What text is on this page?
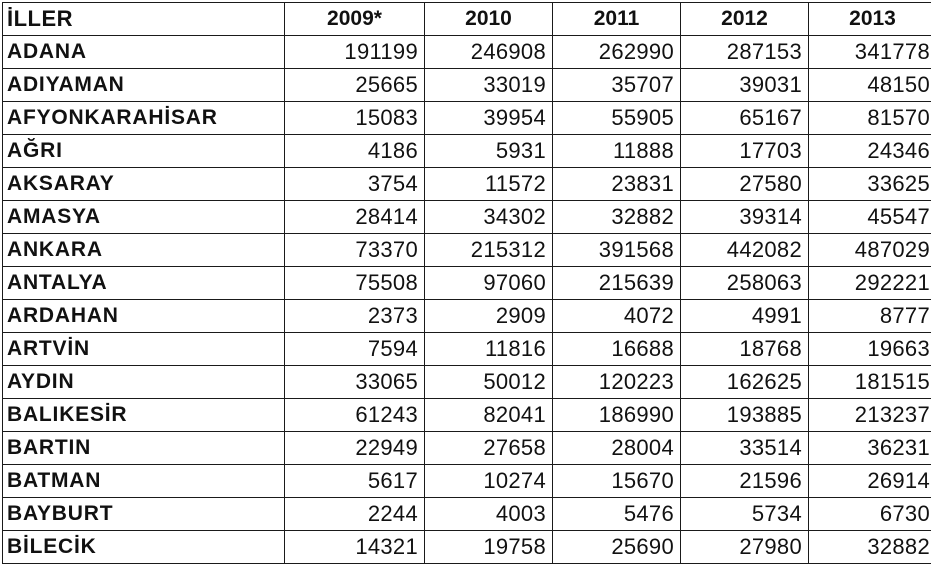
İLLER	2009*	2010	2011	2012	2013
ADANA	191199	246908	262990	287153	341778
ADIYAMAN	25665	33019	35707	39031	48150
AFYONKARAHİSAR	15083	39954	55905	65167	81570
AĞRI	4186	5931	11888	17703	24346
AKSARAY	3754	11572	23831	27580	33625
AMASYA	28414	34302	32882	39314	45547
ANKARA	73370	215312	391568	442082	487029
ANTALYA	75508	97060	215639	258063	292221
ARDAHAN	2373	2909	4072	4991	8777
ARTVİN	7594	11816	16688	18768	19663
AYDIN	33065	50012	120223	162625	181515
BALIKESİR	61243	82041	186990	193885	213237
BARTIN	22949	27658	28004	33514	36231
BATMAN	5617	10274	15670	21596	26914
BAYBURT	2244	4003	5476	5734	6730
BİLECİK	14321	19758	25690	27980	32882
